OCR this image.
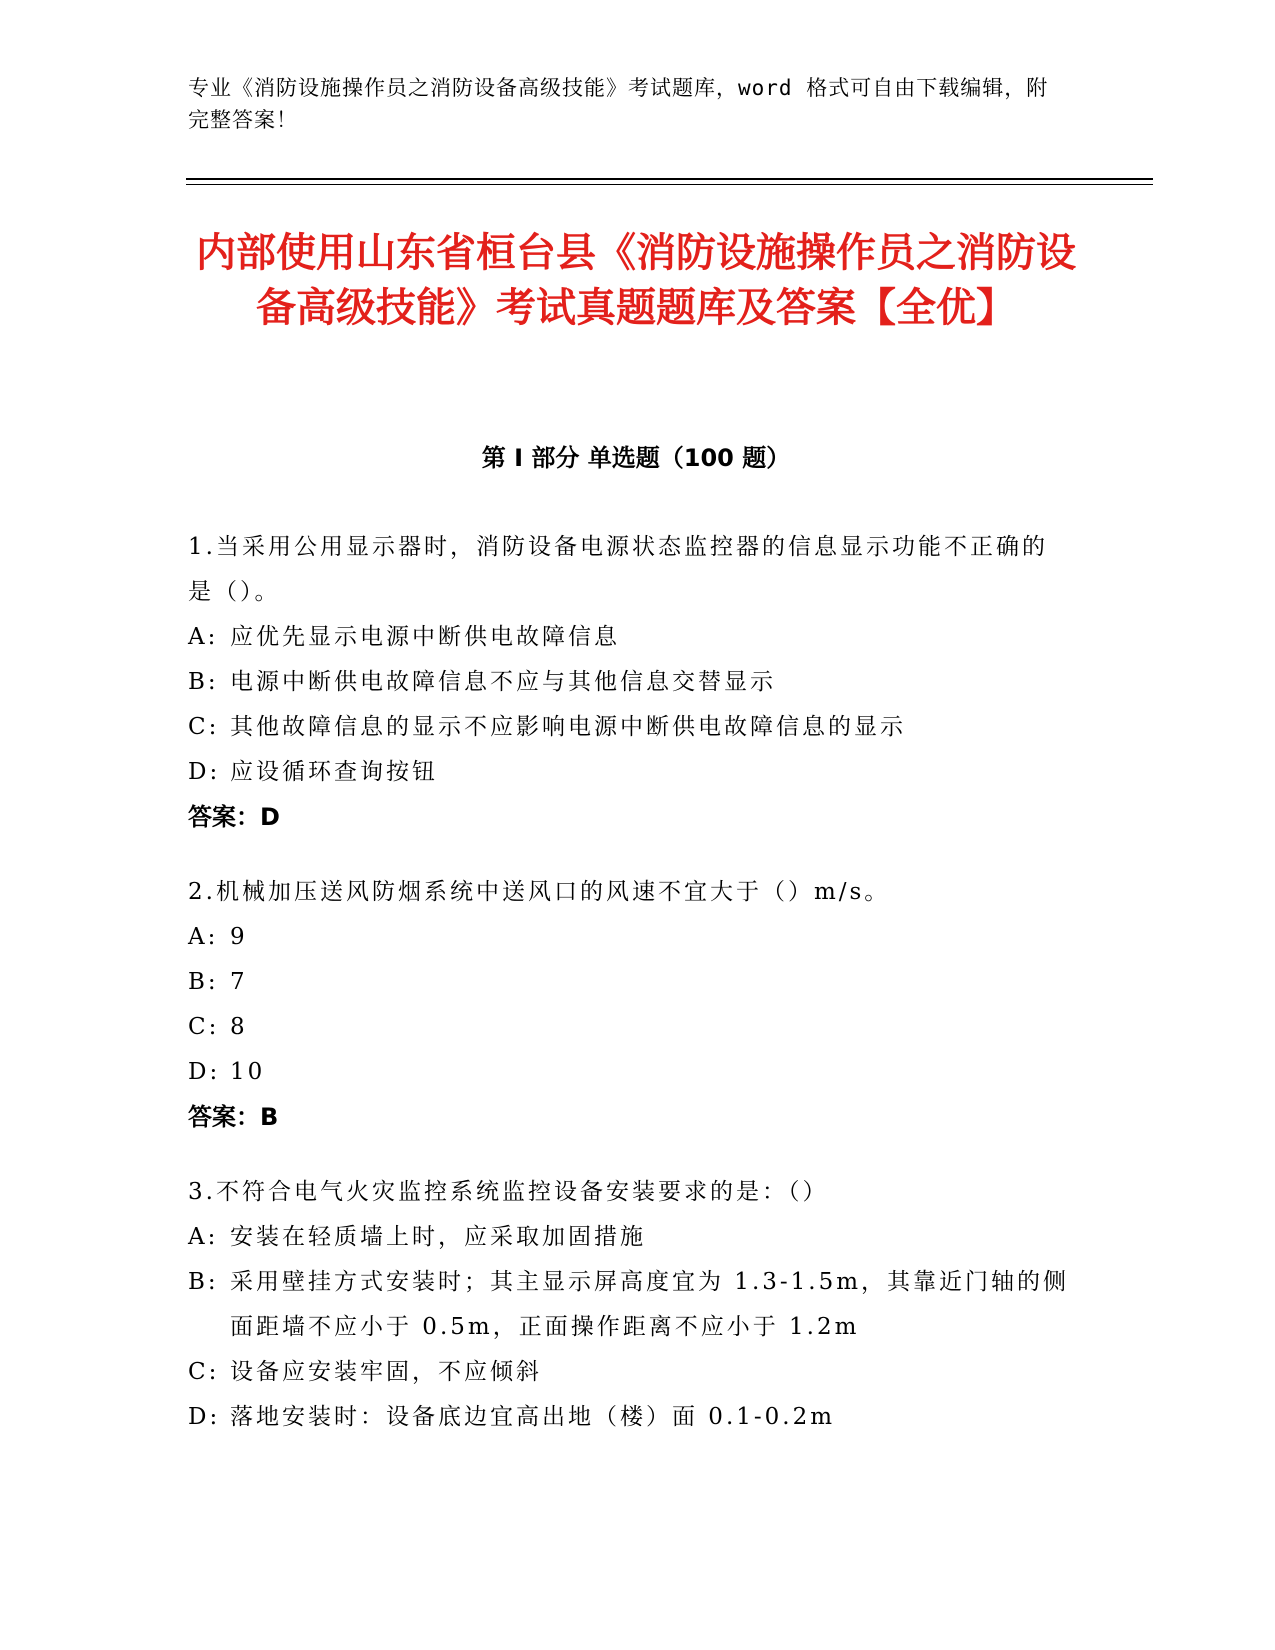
专业《消防设施操作员之消防设备高级技能》考试题库，word 格式可自由下载编辑，附完整答案！
内部使用山东省桓台县《消防设施操作员之消防设备高级技能》考试真题题库及答案【全优】
第 I 部分 单选题（100 题）
1.当采用公用显示器时，消防设备电源状态监控器的信息显示功能不正确的是（）。
A: 应优先显示电源中断供电故障信息
B: 电源中断供电故障信息不应与其他信息交替显示
C: 其他故障信息的显示不应影响电源中断供电故障信息的显示
D: 应设循环查询按钮
答案：D
2.机械加压送风防烟系统中送风口的风速不宜大于（）m/s。
A: 9
B: 7
C: 8
D: 10
答案：B
3.不符合电气火灾监控系统监控设备安装要求的是：（）
A: 安装在轻质墙上时，应采取加固措施
B: 采用壁挂方式安装时；其主显示屏高度宜为 1.3-1.5m，其靠近门轴的侧面距墙不应小于 0.5m，正面操作距离不应小于 1.2m
C: 设备应安装牢固，不应倾斜
D: 落地安装时：设备底边宜高出地（楼）面 0.1-0.2m
